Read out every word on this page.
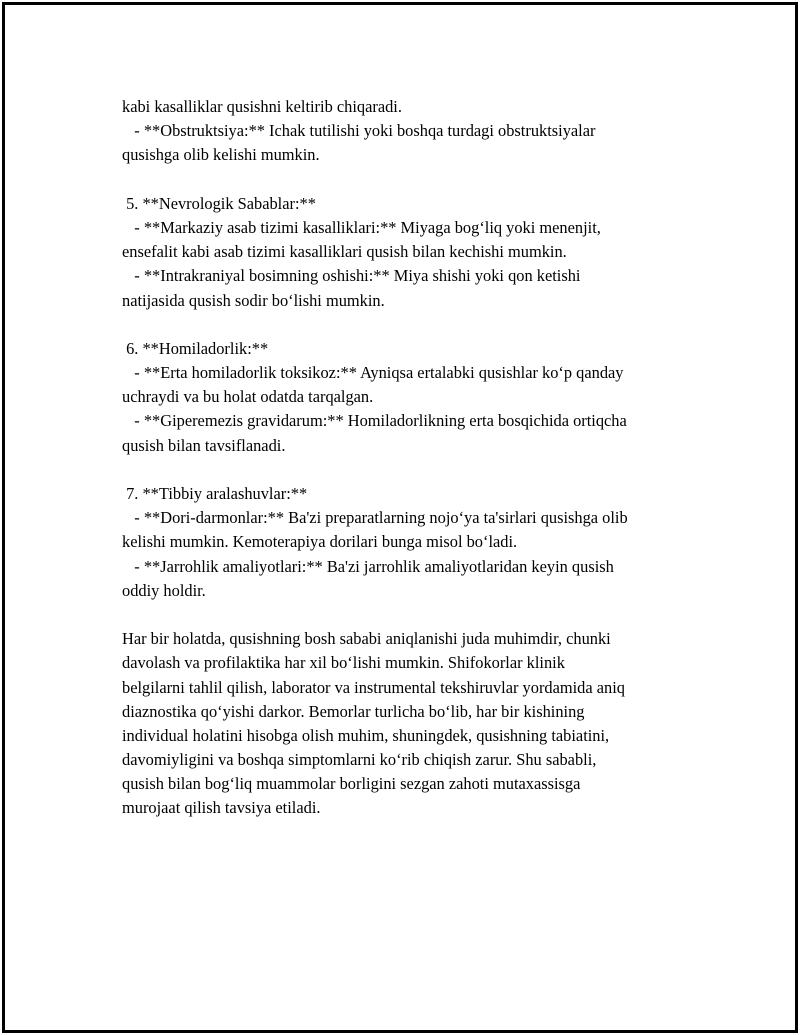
kabi kasalliklar qusishni keltirib chiqaradi.
- **Obstruktsiya:** Ichak tutilishi yoki boshqa turdagi obstruktsiyalar
qusishga olib kelishi mumkin.
5. **Nevrologik Sabablar:**
- **Markaziy asab tizimi kasalliklari:** Miyaga bog‘liq yoki menenjit,
ensefalit kabi asab tizimi kasalliklari qusish bilan kechishi mumkin.
- **Intrakraniyal bosimning oshishi:** Miya shishi yoki qon ketishi
natijasida qusish sodir bo‘lishi mumkin.
6. **Homiladorlik:**
- **Erta homiladorlik toksikoz:** Ayniqsa ertalabki qusishlar ko‘p qanday
uchraydi va bu holat odatda tarqalgan.
- **Giperemezis gravidarum:** Homiladorlikning erta bosqichida ortiqcha
qusish bilan tavsiflanadi.
7. **Tibbiy aralashuvlar:**
- **Dori-darmonlar:** Ba'zi preparatlarning nojo‘ya ta'sirlari qusishga olib
kelishi mumkin. Kemoterapiya dorilari bunga misol bo‘ladi.
- **Jarrohlik amaliyotlari:** Ba'zi jarrohlik amaliyotlaridan keyin qusish
oddiy holdir.
Har bir holatda, qusishning bosh sababi aniqlanishi juda muhimdir, chunki
davolash va profilaktika har xil bo‘lishi mumkin. Shifokorlar klinik
belgilarni tahlil qilish, laborator va instrumental tekshiruvlar yordamida aniq
diaznostika qo‘yishi darkor. Bemorlar turlicha bo‘lib, har bir kishining
individual holatini hisobga olish muhim, shuningdek, qusishning tabiatini,
davomiyligini va boshqa simptomlarni ko‘rib chiqish zarur. Shu sababli,
qusish bilan bog‘liq muammolar borligini sezgan zahoti mutaxassisga
murojaat qilish tavsiya etiladi.
